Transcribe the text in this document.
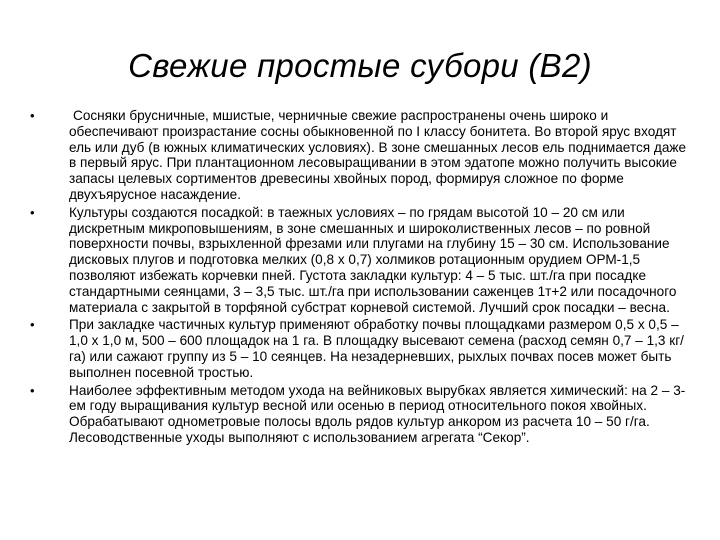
Свежие простые субори (В2)
•	Сосняки брусничные, мшистые, черничные свежие распространены очень широко и обеспечивают произрастание сосны обыкновенной по I классу бонитета. Во второй ярус входят ель или дуб (в южных климатических условиях). В зоне смешанных лесов ель поднимается даже в первый ярус. При плантационном лесовыращивании в этом эдатопе можно получить высокие запасы целевых сортиментов древесины хвойных пород, формируя сложное по форме двухъярусное насаждение.
•	Культуры создаются посадкой: в таежных условиях – по грядам высотой 10 – 20 см или дискретным микроповышениям, в зоне смешанных и широколиственных лесов – по ровной поверхности почвы, взрыхленной фрезами или плугами на глубину 15 – 30 см. Использование дисковых плугов и подготовка мелких (0,8 х 0,7) холмиков ротационным орудием ОРМ-1,5 позволяют избежать корчевки пней. Густота закладки культур: 4 – 5 тыс. шт./га при посадке стандартными сеянцами, 3 – 3,5 тыс. шт./га при использовании саженцев 1т+2 или посадочного материала с закрытой в торфяной субстрат корневой системой. Лучший срок посадки – весна.
•	При закладке частичных культур применяют обработку почвы площадками размером 0,5 х 0,5 – 1,0 х 1,0 м, 500 – 600 площадок на 1 га. В площадку высевают семена (расход семян 0,7 – 1,3 кг/га) или сажают группу из 5 – 10 сеянцев. На незадерневших, рыхлых почвах посев может быть выполнен посевной тростью.
•	Наиболее эффективным методом ухода на вейниковых вырубках является химический: на 2 – 3-ем году выращивания культур весной или осенью в период относительного покоя хвойных. Обрабатывают однометровые полосы вдоль рядов культур анкором из расчета 10 – 50 г/га. Лесоводственные уходы выполняют с использованием агрегата “Секор”.
